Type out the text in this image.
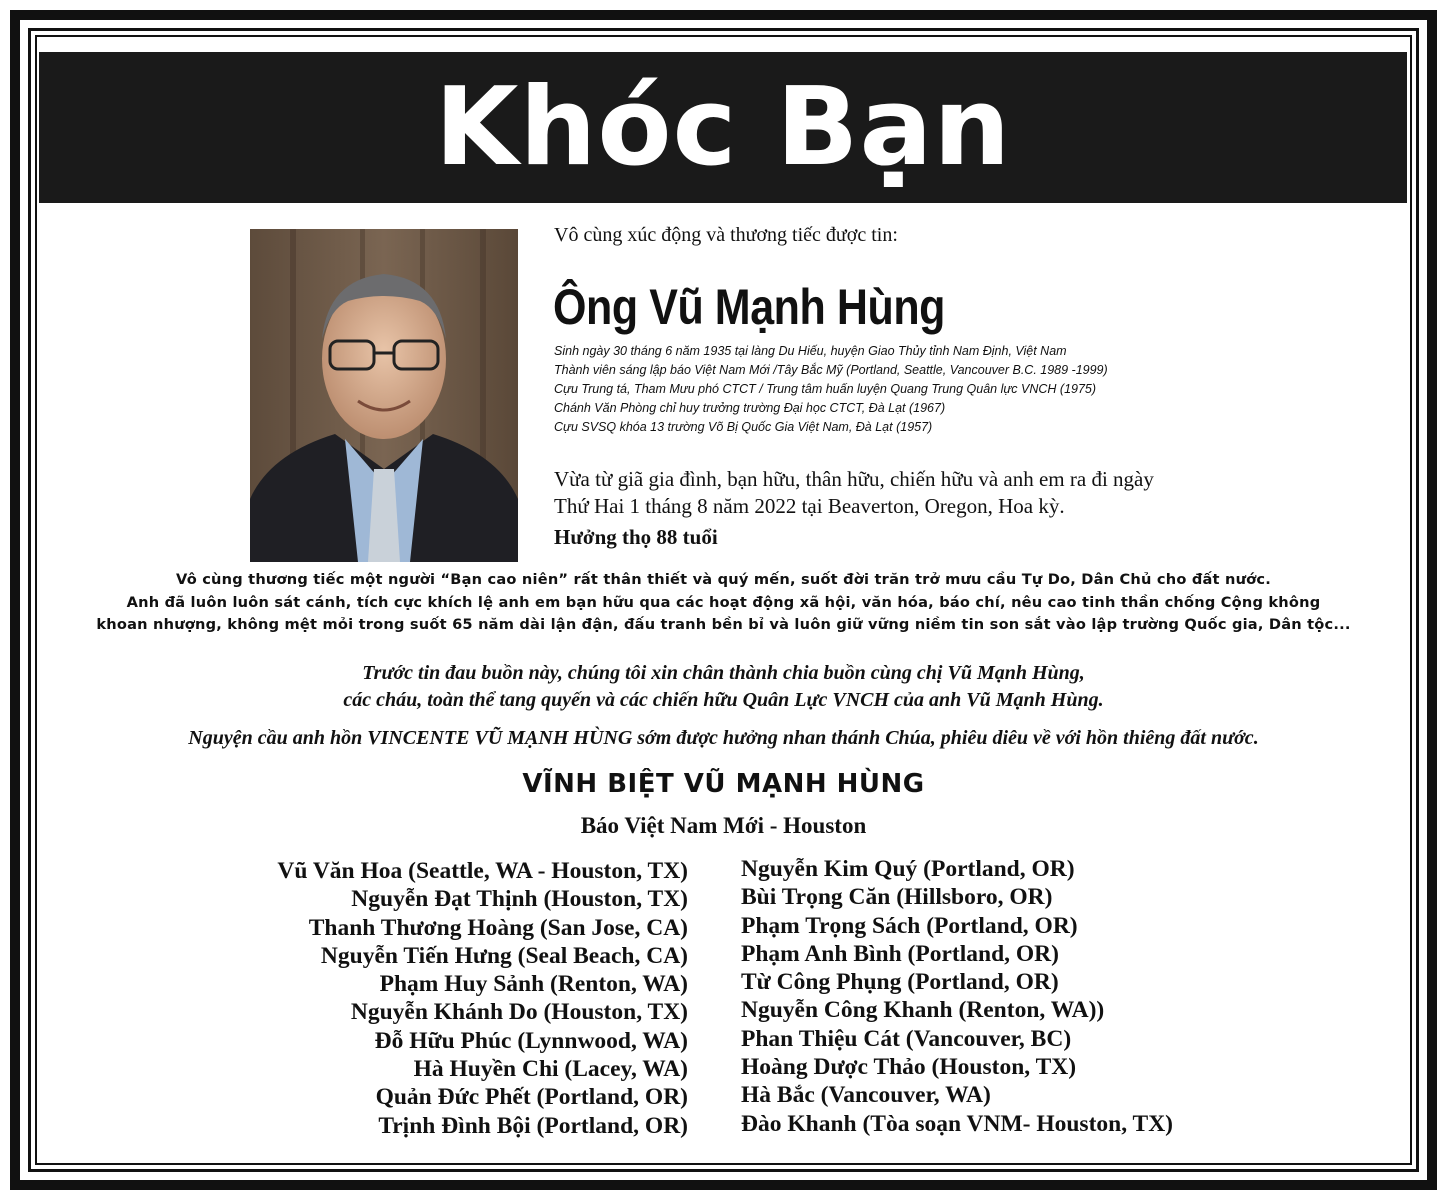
Khóc Bạn
Vô cùng xúc động và thương tiếc được tin:
Ông Vũ Mạnh Hùng
Sinh ngày 30 tháng 6 năm 1935 tại làng Du Hiếu, huyện Giao Thủy tỉnh Nam Định, Việt Nam
Thành viên sáng lập báo Việt Nam Mới /Tây Bắc Mỹ (Portland, Seattle, Vancouver B.C. 1989 -1999)
Cựu Trung tá, Tham Mưu phó CTCT / Trung tâm huấn luyện Quang Trung Quân lực VNCH (1975)
Chánh Văn Phòng chỉ huy trưởng trường Đại học CTCT, Đà Lạt (1967)
Cựu SVSQ khóa 13 trường Võ Bị Quốc Gia Việt Nam, Đà Lạt (1957)
Vừa từ giã gia đình, bạn hữu, thân hữu, chiến hữu và anh em ra đi ngày
Thứ Hai 1 tháng 8 năm 2022 tại Beaverton, Oregon, Hoa kỳ.
Hưởng thọ 88 tuổi

Vô cùng thương tiếc một người “Bạn cao niên” rất thân thiết và quý mến, suốt đời trăn trở mưu cầu Tự Do, Dân Chủ cho đất nước.

Anh đã luôn luôn sát cánh, tích cực khích lệ anh em bạn hữu qua các hoạt động xã hội, văn hóa, báo chí, nêu cao tinh thần chống Cộng không

khoan nhượng, không mệt mỏi trong suốt 65 năm dài lận đận, đấu tranh bền bỉ và luôn giữ vững niềm tin son sắt vào lập trường Quốc gia, Dân tộc...

Trước tin đau buồn này, chúng tôi xin chân thành chia buồn cùng chị Vũ Mạnh Hùng,

các cháu, toàn thể tang quyến và các chiến hữu Quân Lực VNCH của anh Vũ Mạnh Hùng.

Nguyện cầu anh hồn VINCENTE VŨ MẠNH HÙNG sớm được hưởng nhan thánh Chúa, phiêu diêu về với hồn thiêng đất nước.
VĨNH BIỆT VŨ MẠNH HÙNG
Báo Việt Nam Mới - Houston
Vũ Văn Hoa (Seattle, WA - Houston, TX)
Nguyễn Đạt Thịnh (Houston, TX)
Thanh Thương Hoàng (San Jose, CA)
Nguyễn Tiến Hưng (Seal Beach, CA)
Phạm Huy Sảnh (Renton, WA)
Nguyễn Khánh Do (Houston, TX)
Đỗ Hữu Phúc (Lynnwood, WA)
Hà Huyền Chi (Lacey, WA)
Quản Đức Phết (Portland, OR)
Trịnh Đình Bội (Portland, OR)
Nguyễn Kim Quý (Portland, OR)
Bùi Trọng Căn (Hillsboro, OR)
Phạm Trọng Sách (Portland, OR)
Phạm Anh Bình (Portland, OR)
Từ Công Phụng (Portland, OR)
Nguyễn Công Khanh (Renton, WA))
Phan Thiệu Cát (Vancouver, BC)
Hoàng Dược Thảo (Houston, TX)
Hà Bắc (Vancouver, WA)
Đào Khanh (Tòa soạn VNM- Houston, TX)
